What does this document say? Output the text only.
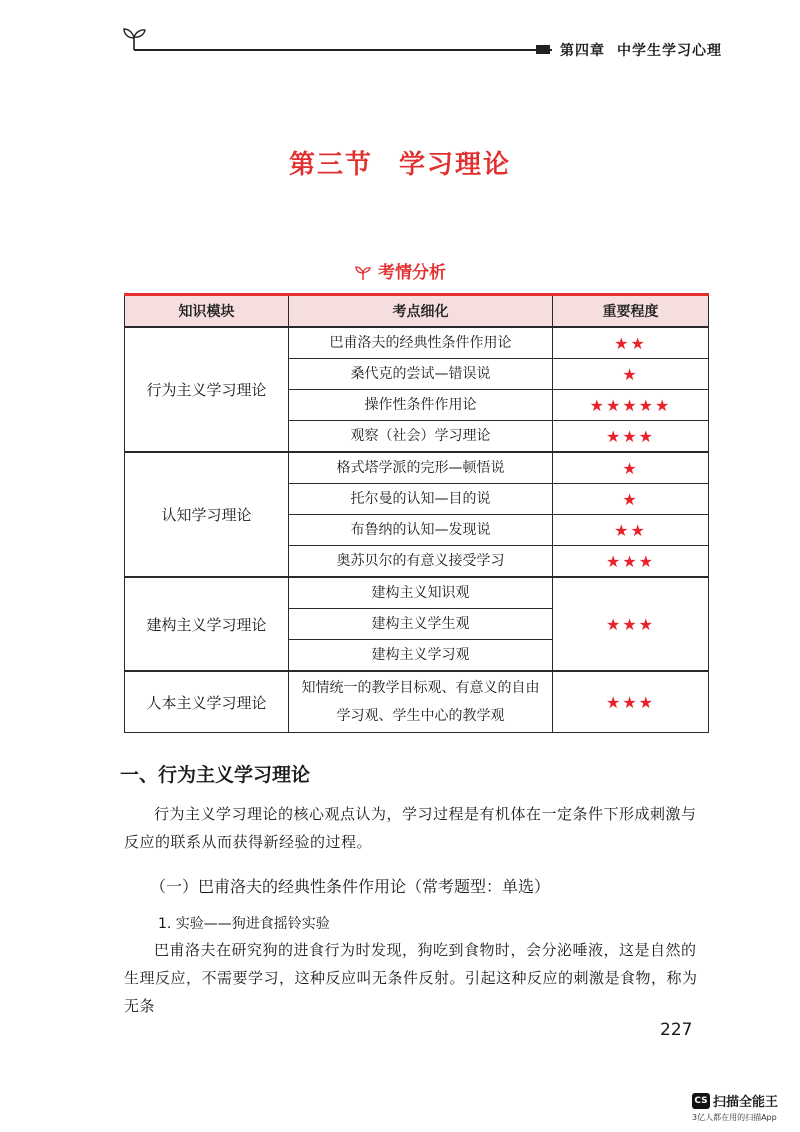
第四章 中学生学习心理
第三节 学习理论
考情分析
知识模块	考点细化	重要程度
行为主义学习理论	巴甫洛夫的经典性条件作用论	★★
	桑代克的尝试—错误说	★
	操作性条件作用论	★★★★★
	观察（社会）学习理论	★★★
认知学习理论	格式塔学派的完形—顿悟说	★
	托尔曼的认知—目的说	★
	布鲁纳的认知—发现说	★★
	奥苏贝尔的有意义接受学习	★★★
建构主义学习理论	建构主义知识观	★★★
	建构主义学生观	
	建构主义学习观	
人本主义学习理论	知情统一的教学目标观、有意义的自由学习观、学生中心的教学观	★★★
一、行为主义学习理论
行为主义学习理论的核心观点认为，学习过程是有机体在一定条件下形成刺激与反应的联系从而获得新经验的过程。
（一）巴甫洛夫的经典性条件作用论（常考题型：单选）
1. 实验——狗进食摇铃实验
巴甫洛夫在研究狗的进食行为时发现，狗吃到食物时，会分泌唾液，这是自然的生理反应，不需要学习，这种反应叫无条件反射。引起这种反应的刺激是食物，称为无条
227
CS 扫描全能王
3亿人都在用的扫描App
